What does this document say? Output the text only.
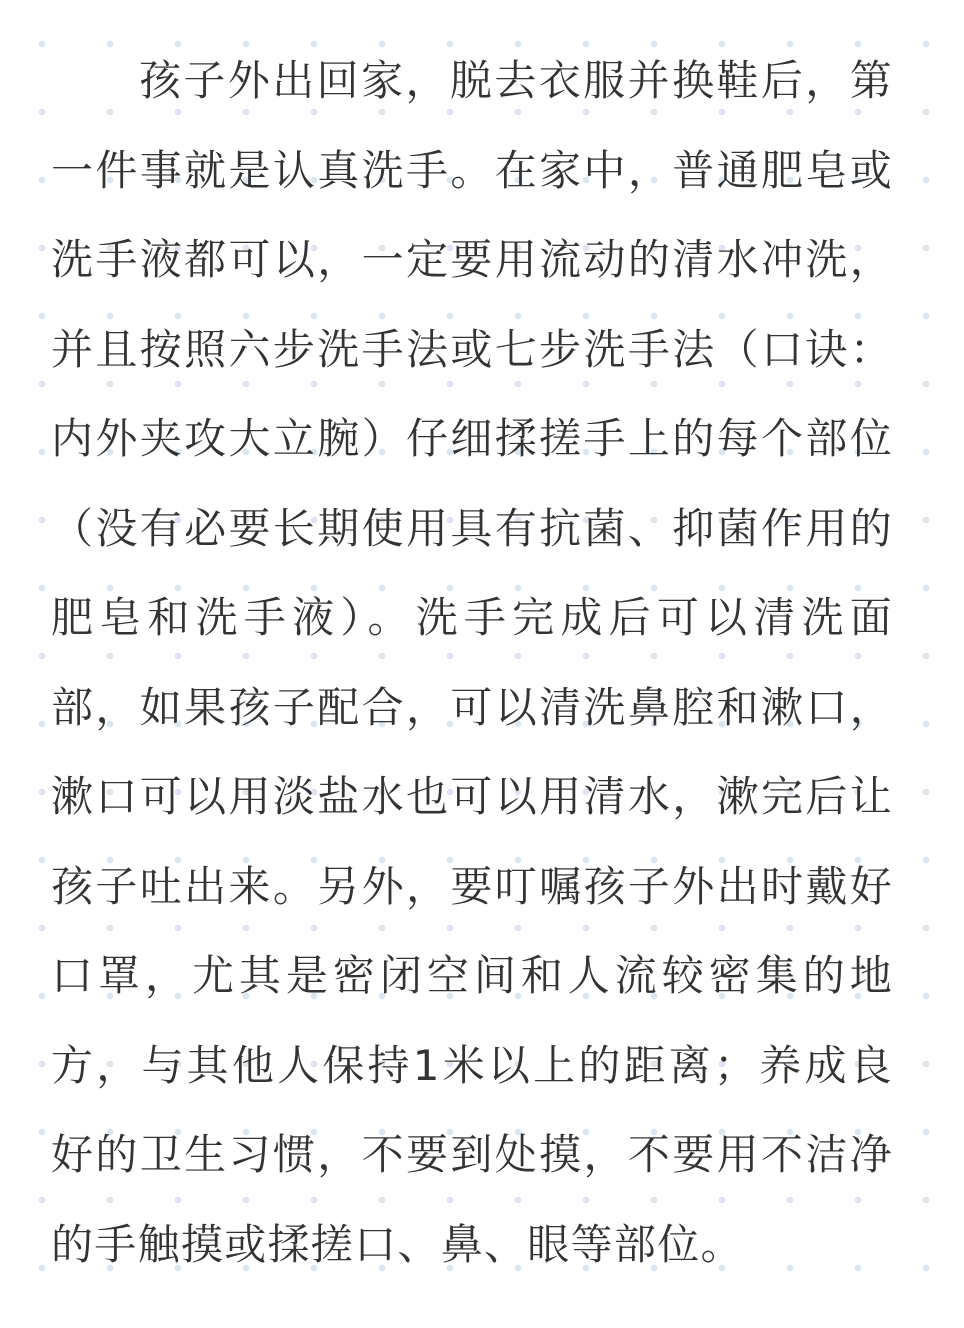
孩子外出回家，脱去衣服并换鞋后，第一件事就是认真洗手。在家中，普通肥皂或洗手液都可以，一定要用流动的清水冲洗，并且按照六步洗手法或七步洗手法（口诀：内外夹攻大立腕）仔细揉搓手上的每个部位（没有必要长期使用具有抗菌、抑菌作用的肥皂和洗手液）。洗手完成后可以清洗面部，如果孩子配合，可以清洗鼻腔和漱口，漱口可以用淡盐水也可以用清水，漱完后让孩子吐出来。另外，要叮嘱孩子外出时戴好口罩，尤其是密闭空间和人流较密集的地方，与其他人保持1米以上的距离；养成良好的卫生习惯，不要到处摸，不要用不洁净的手触摸或揉搓口、鼻、眼等部位。
